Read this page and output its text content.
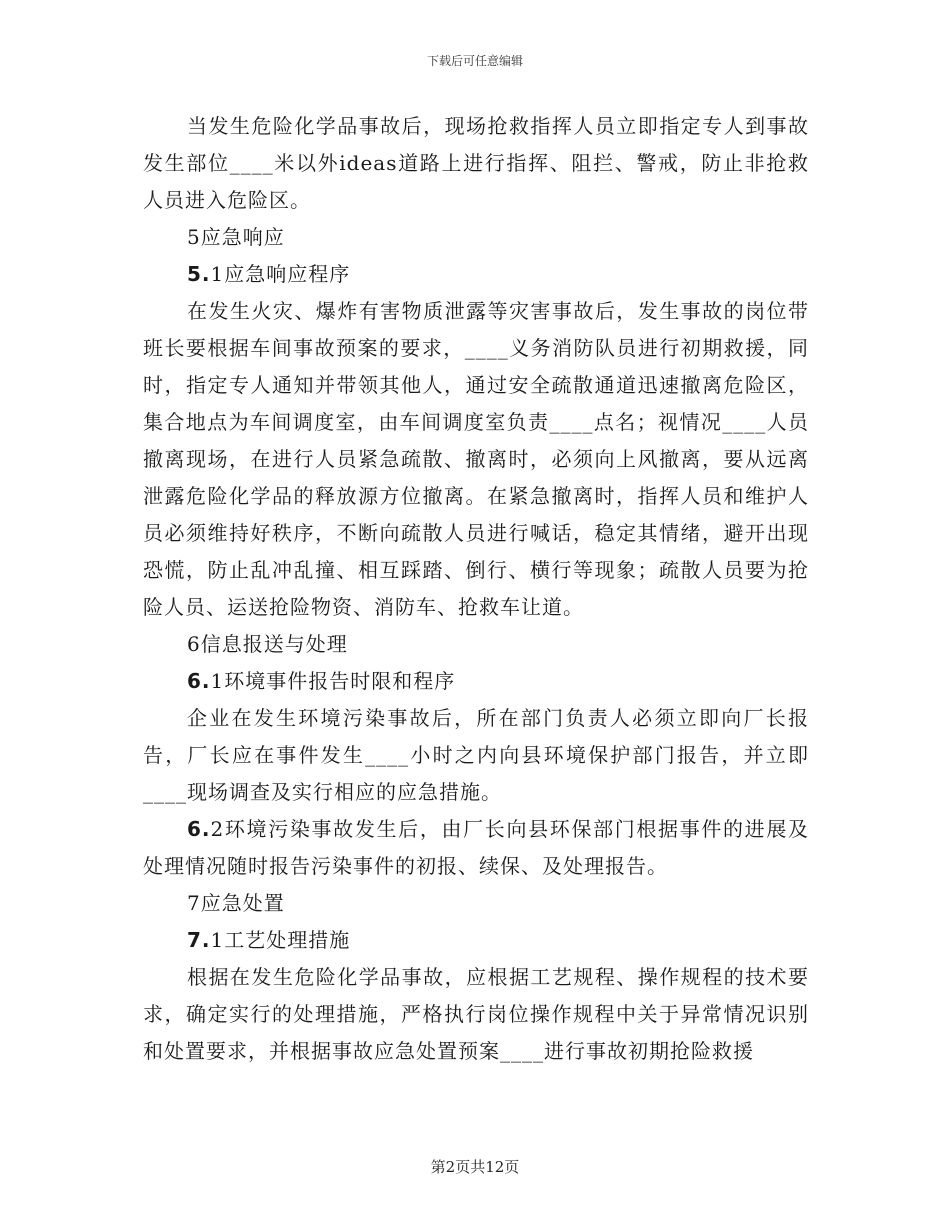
下载后可任意编辑

当发生危险化学品事故后，现场抢救指挥人员立即指定专人到事故发生部位____米以外ideas道路上进行指挥、阻拦、警戒，防止非抢救人员进入危险区。

5应急响应

5.1应急响应程序

在发生火灾、爆炸有害物质泄露等灾害事故后，发生事故的岗位带班长要根据车间事故预案的要求，____义务消防队员进行初期救援，同时，指定专人通知并带领其他人，通过安全疏散通道迅速撤离危险区，集合地点为车间调度室，由车间调度室负责____点名；视情况____人员撤离现场，在进行人员紧急疏散、撤离时，必须向上风撤离，要从远离泄露危险化学品的释放源方位撤离。在紧急撤离时，指挥人员和维护人员必须维持好秩序，不断向疏散人员进行喊话，稳定其情绪，避开出现恐慌，防止乱冲乱撞、相互踩踏、倒行、横行等现象；疏散人员要为抢险人员、运送抢险物资、消防车、抢救车让道。

6信息报送与处理

6.1环境事件报告时限和程序

企业在发生环境污染事故后，所在部门负责人必须立即向厂长报告，厂长应在事件发生____小时之内向县环境保护部门报告，并立即____现场调查及实行相应的应急措施。

6.2环境污染事故发生后，由厂长向县环保部门根据事件的进展及处理情况随时报告污染事件的初报、续保、及处理报告。

7应急处置

7.1工艺处理措施

根据在发生危险化学品事故，应根据工艺规程、操作规程的技术要求，确定实行的处理措施，严格执行岗位操作规程中关于异常情况识别和处置要求，并根据事故应急处置预案____进行事故初期抢险救援

第2页共12页
